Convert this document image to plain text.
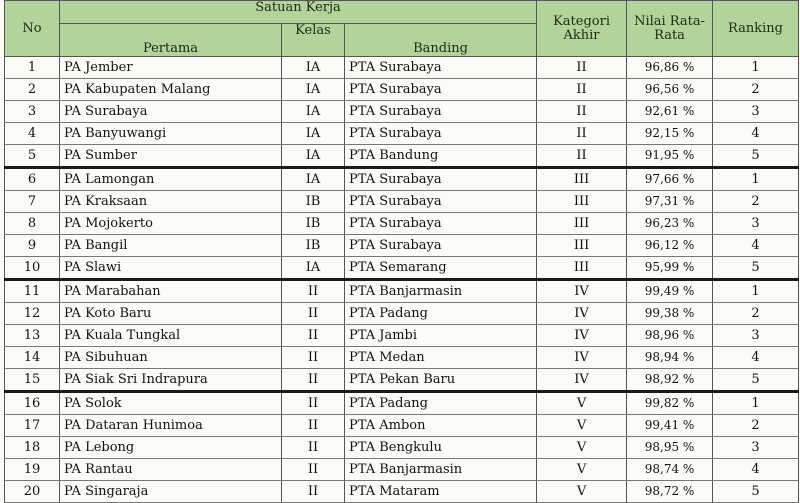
No	Satuan Kerja			Kategori Akhir	Nilai Rata-Rata	Ranking
	Pertama	Kelas	Banding			
1	PA Jember	IA	PTA Surabaya	II	96,86 %	1
2	PA Kabupaten Malang	IA	PTA Surabaya	II	96,56 %	2
3	PA Surabaya	IA	PTA Surabaya	II	92,61 %	3
4	PA Banyuwangi	IA	PTA Surabaya	II	92,15 %	4
5	PA Sumber	IA	PTA Bandung	II	91,95 %	5
6	PA Lamongan	IA	PTA Surabaya	III	97,66 %	1
7	PA Kraksaan	IB	PTA Surabaya	III	97,31 %	2
8	PA Mojokerto	IB	PTA Surabaya	III	96,23 %	3
9	PA Bangil	IB	PTA Surabaya	III	96,12 %	4
10	PA Slawi	IA	PTA Semarang	III	95,99 %	5
11	PA Marabahan	II	PTA Banjarmasin	IV	99,49 %	1
12	PA Koto Baru	II	PTA Padang	IV	99,38 %	2
13	PA Kuala Tungkal	II	PTA Jambi	IV	98,96 %	3
14	PA Sibuhuan	II	PTA Medan	IV	98,94 %	4
15	PA Siak Sri Indrapura	II	PTA Pekan Baru	IV	98,92 %	5
16	PA Solok	II	PTA Padang	V	99,82 %	1
17	PA Dataran Hunimoa	II	PTA Ambon	V	99,41 %	2
18	PA Lebong	II	PTA Bengkulu	V	98,95 %	3
19	PA Rantau	II	PTA Banjarmasin	V	98,74 %	4
20	PA Singaraja	II	PTA Mataram	V	98,72 %	5
